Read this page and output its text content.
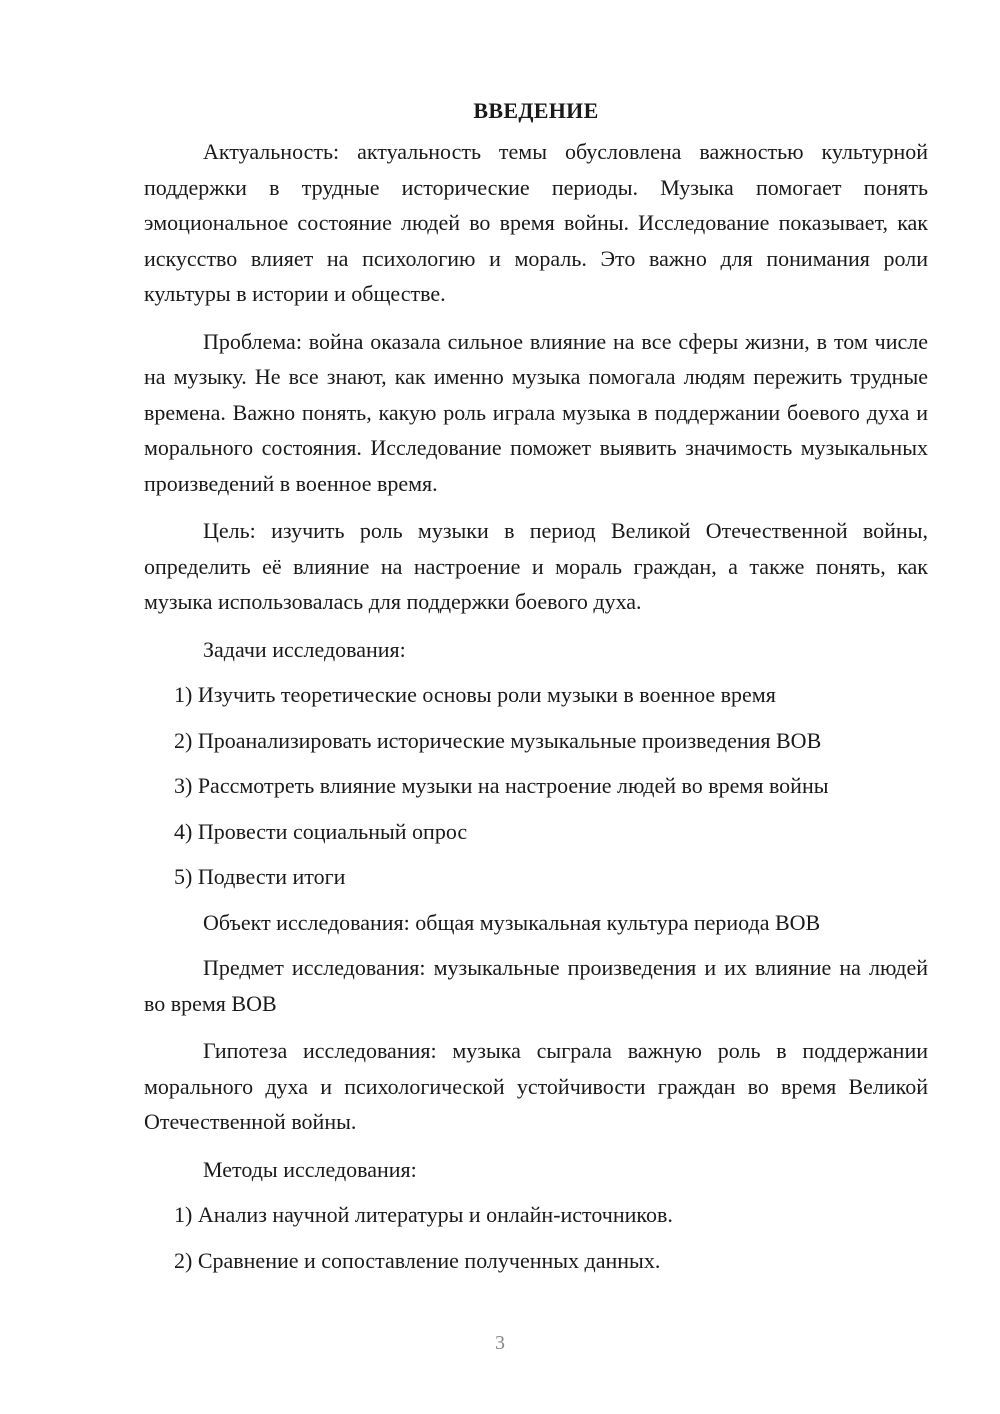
ВВЕДЕНИЕ

Актуальность: актуальность темы обусловлена важностью культурной поддержки в трудные исторические периоды. Музыка помогает понять эмоциональное состояние людей во время войны. Исследование показывает, как искусство влияет на психологию и мораль. Это важно для понимания роли культуры в истории и обществе.

Проблема: война оказала сильное влияние на все сферы жизни, в том числе на музыку. Не все знают, как именно музыка помогала людям пережить трудные времена. Важно понять, какую роль играла музыка в поддержании боевого духа и морального состояния. Исследование поможет выявить значимость музыкальных произведений в военное время.

Цель: изучить роль музыки в период Великой Отечественной войны, определить её влияние на настроение и мораль граждан, а также понять, как музыка использовалась для поддержки боевого духа.

Задачи исследования:

1) Изучить теоретические основы роли музыки в военное время

2) Проанализировать исторические музыкальные произведения ВОВ

3) Рассмотреть влияние музыки на настроение людей во время войны

4) Провести социальный опрос

5) Подвести итоги

Объект исследования: общая музыкальная культура периода ВОВ

Предмет исследования: музыкальные произведения и их влияние на людей во время ВОВ

Гипотеза исследования: музыка сыграла важную роль в поддержании морального духа и психологической устойчивости граждан во время Великой Отечественной войны.

Методы исследования:

1) Анализ научной литературы и онлайн-источников.

2) Сравнение и сопоставление полученных данных.

3
